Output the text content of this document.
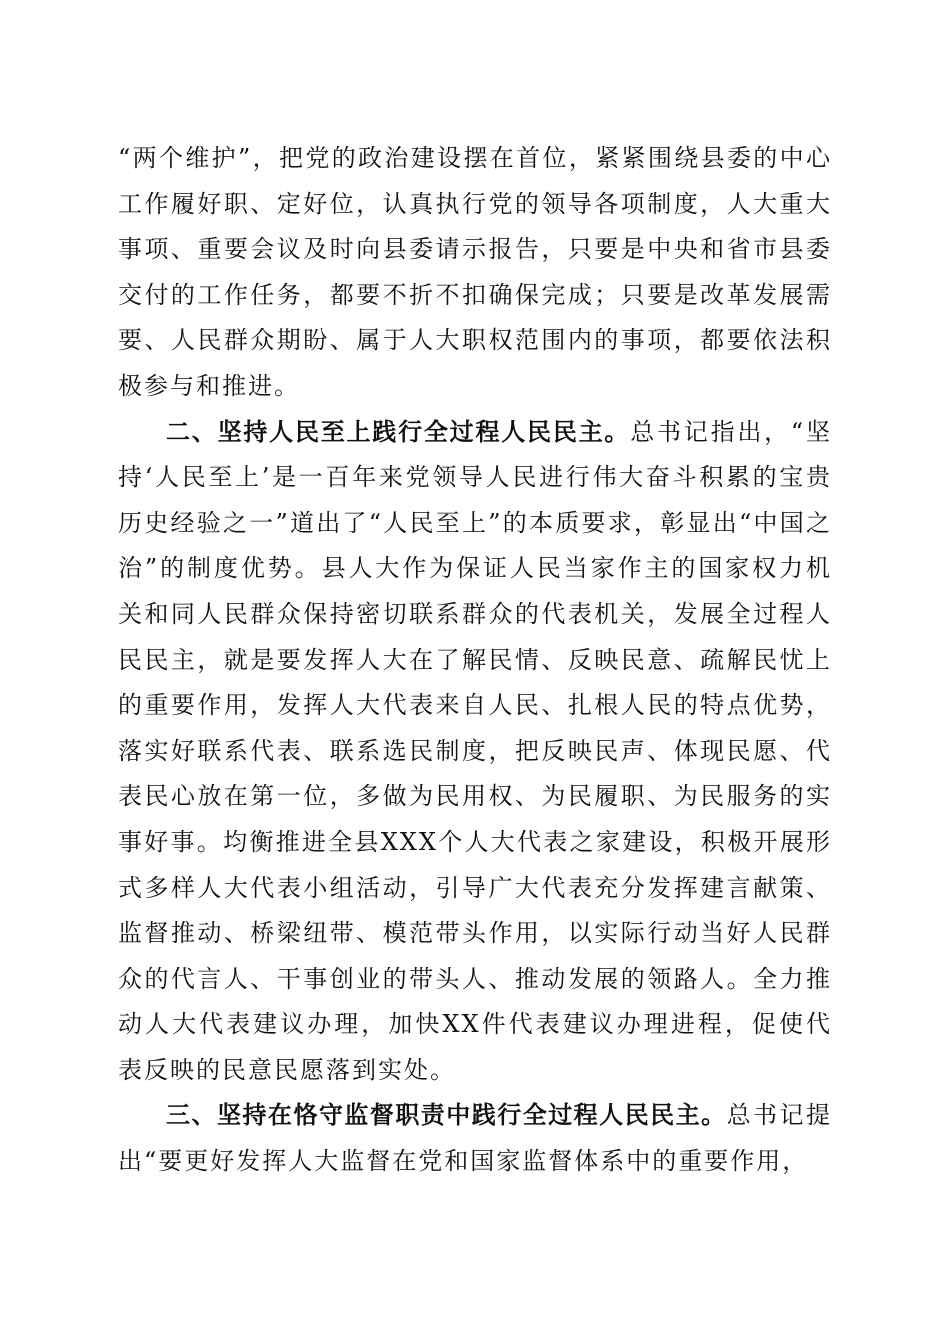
“两个维护”，把党的政治建设摆在首位，紧紧围绕县委的中心工作履好职、定好位，认真执行党的领导各项制度，人大重大事项、重要会议及时向县委请示报告，只要是中央和省市县委交付的工作任务，都要不折不扣确保完成；只要是改革发展需要、人民群众期盼、属于人大职权范围内的事项，都要依法积极参与和推进。

二、坚持人民至上践行全过程人民民主。总书记指出，“坚持‘人民至上’是一百年来党领导人民进行伟大奋斗积累的宝贵历史经验之一”道出了“人民至上”的本质要求，彰显出“中国之治”的制度优势。县人大作为保证人民当家作主的国家权力机关和同人民群众保持密切联系群众的代表机关，发展全过程人民民主，就是要发挥人大在了解民情、反映民意、疏解民忧上的重要作用，发挥人大代表来自人民、扎根人民的特点优势，落实好联系代表、联系选民制度，把反映民声、体现民愿、代表民心放在第一位，多做为民用权、为民履职、为民服务的实事好事。均衡推进全县XXX个人大代表之家建设，积极开展形式多样人大代表小组活动，引导广大代表充分发挥建言献策、监督推动、桥梁纽带、模范带头作用，以实际行动当好人民群众的代言人、干事创业的带头人、推动发展的领路人。全力推动人大代表建议办理，加快XX件代表建议办理进程，促使代表反映的民意民愿落到实处。

三、坚持在恪守监督职责中践行全过程人民民主。总书记提出“要更好发挥人大监督在党和国家监督体系中的重要作用，
